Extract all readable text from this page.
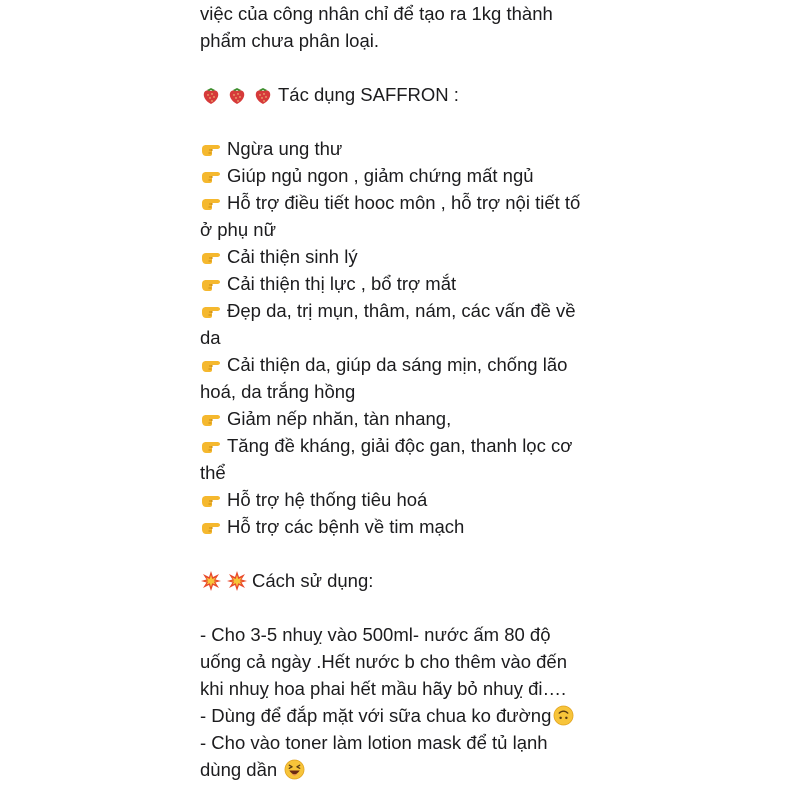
việc của công nhân chỉ để tạo ra 1kg thành
phẩm chưa phân loại.
Tác dụng SAFFRON :
Ngừa ung thư
Giúp ngủ ngon , giảm chứng mất ngủ
Hỗ trợ điều tiết hooc môn , hỗ trợ nội tiết tố
ở phụ nữ
Cải thiện sinh lý
Cải thiện thị lực , bổ trợ mắt
Đẹp da, trị mụn, thâm, nám, các vấn đề về
da
Cải thiện da, giúp da sáng mịn, chống lão
hoá, da trắng hồng
Giảm nếp nhăn, tàn nhang,
Tăng đề kháng, giải độc gan, thanh lọc cơ
thể
Hỗ trợ hệ thống tiêu hoá
Hỗ trợ các bệnh về tim mạch
Cách sử dụng:
- Cho 3-5 nhuỵ vào 500ml- nước ấm 80 độ
uống cả ngày .Hết nước b cho thêm vào đến
khi nhuỵ hoa phai hết mầu hãy bỏ nhuỵ đi….
- Dùng để đắp mặt với sữa chua ko đường
- Cho vào toner làm lotion mask để tủ lạnh
dùng dần
